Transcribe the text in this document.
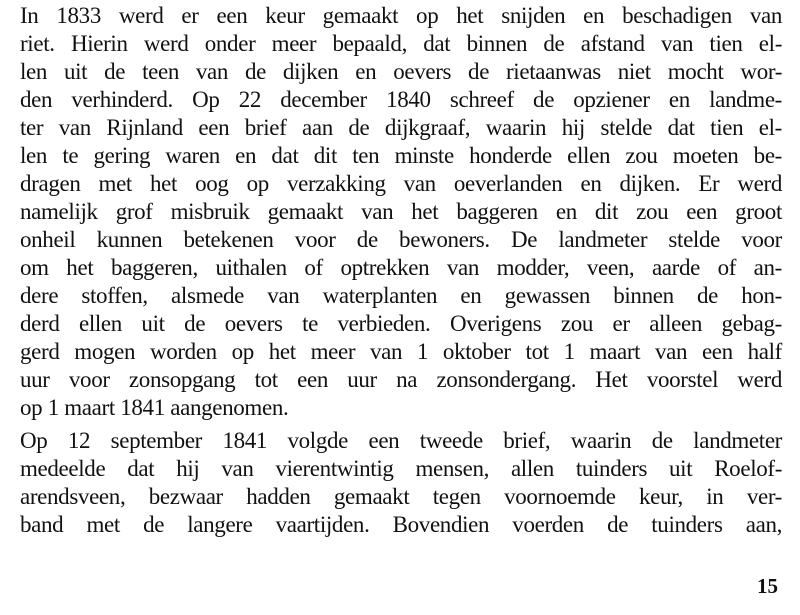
In 1833 werd er een keur gemaakt op het snijden en beschadigen van
riet. Hierin werd onder meer bepaald, dat binnen de afstand van tien el-
len uit de teen van de dijken en oevers de rietaanwas niet mocht wor-
den verhinderd. Op 22 december 1840 schreef de opziener en landme-
ter van Rijnland een brief aan de dijkgraaf, waarin hij stelde dat tien el-
len te gering waren en dat dit ten minste honderde ellen zou moeten be-
dragen met het oog op verzakking van oeverlanden en dijken. Er werd
namelijk grof misbruik gemaakt van het baggeren en dit zou een groot
onheil kunnen betekenen voor de bewoners. De landmeter stelde voor
om het baggeren, uithalen of optrekken van modder, veen, aarde of an-
dere stoffen, alsmede van waterplanten en gewassen binnen de hon-
derd ellen uit de oevers te verbieden. Overigens zou er alleen gebag-
gerd mogen worden op het meer van 1 oktober tot 1 maart van een half
uur voor zonsopgang tot een uur na zonsondergang. Het voorstel werd
op 1 maart 1841 aangenomen.
Op 12 september 1841 volgde een tweede brief, waarin de landmeter
medeelde dat hij van vierentwintig mensen, allen tuinders uit Roelof-
arendsveen, bezwaar hadden gemaakt tegen voornoemde keur, in ver-
band met de langere vaartijden. Bovendien voerden de tuinders aan,
15
